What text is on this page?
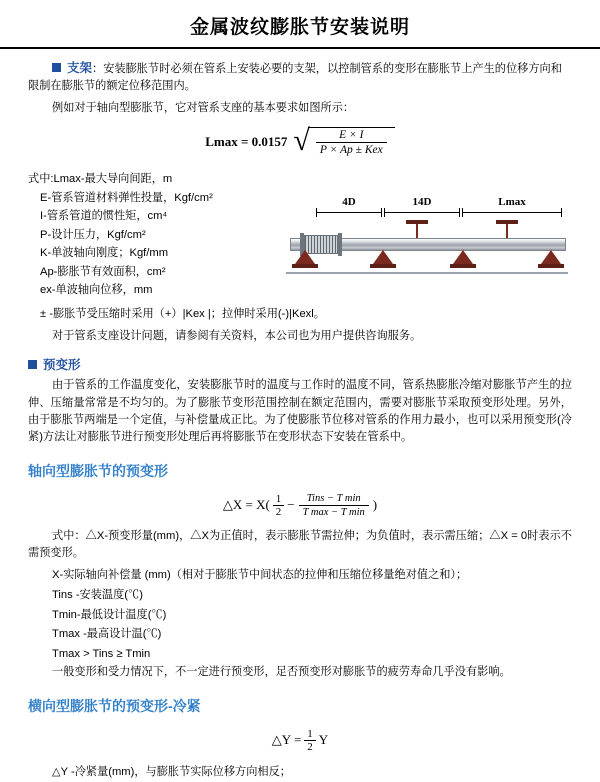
金属波纹膨胀节安装说明
支架：安装膨胀节时必须在管系上安装必要的支架，以控制管系的变形在膨胀节上产生的位移方向和限制在膨胀节的额定位移范围内。

例如对于轴向型膨胀节，它对管系支座的基本要求如图所示：

Lmax = 0.0157 √
$\frac{E \times I}{\text{P × Ap ± Kex}}$
式中:Lmax-最大导向间距，m
E-管系管道材料弹性投量，Kgf/cm²
I-管系管道的惯性矩，cm⁴
P-设计压力，Kgf/cm²
K-单波轴向刚度；Kgf/mm
Ap-膨胀节有效面积，cm²
ex-单波轴向位移，mm
4D	14D	Lmax
± -膨胀节受压缩时采用（+）|Kex |；拉伸时采用(-)|Kexl。

对于管系支座设计问题，请参阅有关资料，本公司也为用户提供咨询服务。

预变形

由于管系的工作温度变化，安装膨胀节时的温度与工作时的温度不同，管系热膨胀冷缩对膨胀节产生的拉伸、压缩量常常是不均匀的。为了膨胀节变形范围控制在额定范围内，需要对膨胀节采取预变形处理。另外，由于膨胀节两端是一个定值，与补偿量成正比。为了使膨胀节位移对管系的作用力最小，也可以采用预变形(冷紧)方法让对膨胀节进行预变形处理后再将膨胀节在变形状态下安装在管系中。

轴向型膨胀节的预变形
△X = X( 1
2 −	Tins − T min
T max − T min )

式中：△X-预变形量(mm)，△X为正值时，表示膨胀节需拉伸；为负值时，表示需压缩；△X = 0时表示不需预变形。

X-实际轴向补偿量 (mm)（相对于膨胀节中间状态的拉伸和压缩位移量绝对值之和）；
Tins -安装温度(℃)
Tmin-最低设计温度(℃)
Tmax -最高设计温(℃)
Tmax > Tins ≥ Tmin

一般变形和受力情况下，不一定进行预变形，足否预变形对膨胀节的疲劳寿命几乎没有影响。

横向型膨胀节的预变形-冷紧
△Y = $\frac{1}{2}$ Y
△Y -冷紧量(mm)，与膨胀节实际位移方向相反；
